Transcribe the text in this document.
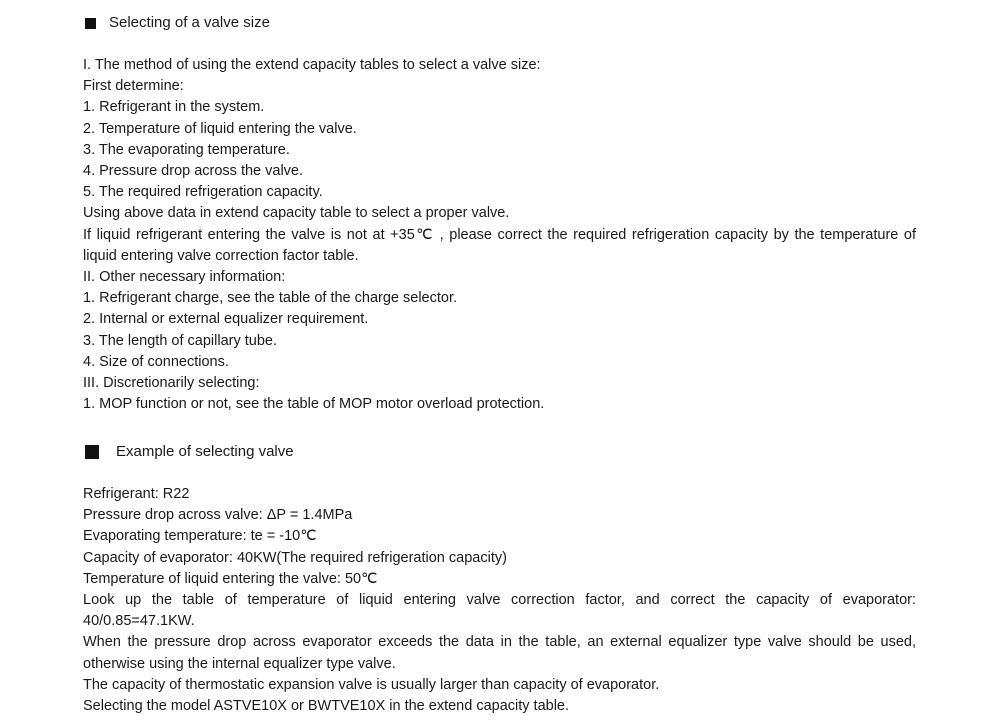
Selecting of a valve size

I. The method of using the extend capacity tables to select a valve size:

First determine:

1. Refrigerant in the system.

2. Temperature of liquid entering the valve.

3. The evaporating temperature.

4. Pressure drop across the valve.

5. The required refrigeration capacity.

Using above data in extend capacity table to select a proper valve.

If liquid refrigerant entering the valve is not at +35℃ , please correct the required refrigeration capacity by the temperature of liquid entering valve correction factor table.

II. Other necessary information:

1. Refrigerant charge, see the table of the charge selector.

2. Internal or external equalizer requirement.

3. The length of capillary tube.

4. Size of connections.

III. Discretionarily selecting:

1. MOP function or not, see the table of MOP motor overload protection.

Example of selecting valve

Refrigerant: R22

Pressure drop across valve: ΔP = 1.4MPa

Evaporating temperature: te = -10℃

Capacity of evaporator: 40KW(The required refrigeration capacity)

Temperature of liquid entering the valve: 50℃

Look up the table of temperature of liquid entering valve correction factor, and correct the capacity of evaporator: 40/0.85=47.1KW.

When the pressure drop across evaporator exceeds the data in the table, an external equalizer type valve should be used, otherwise using the internal equalizer type valve.

The capacity of thermostatic expansion valve is usually larger than capacity of evaporator.

Selecting the model ASTVE10X or BWTVE10X in the extend capacity table.
